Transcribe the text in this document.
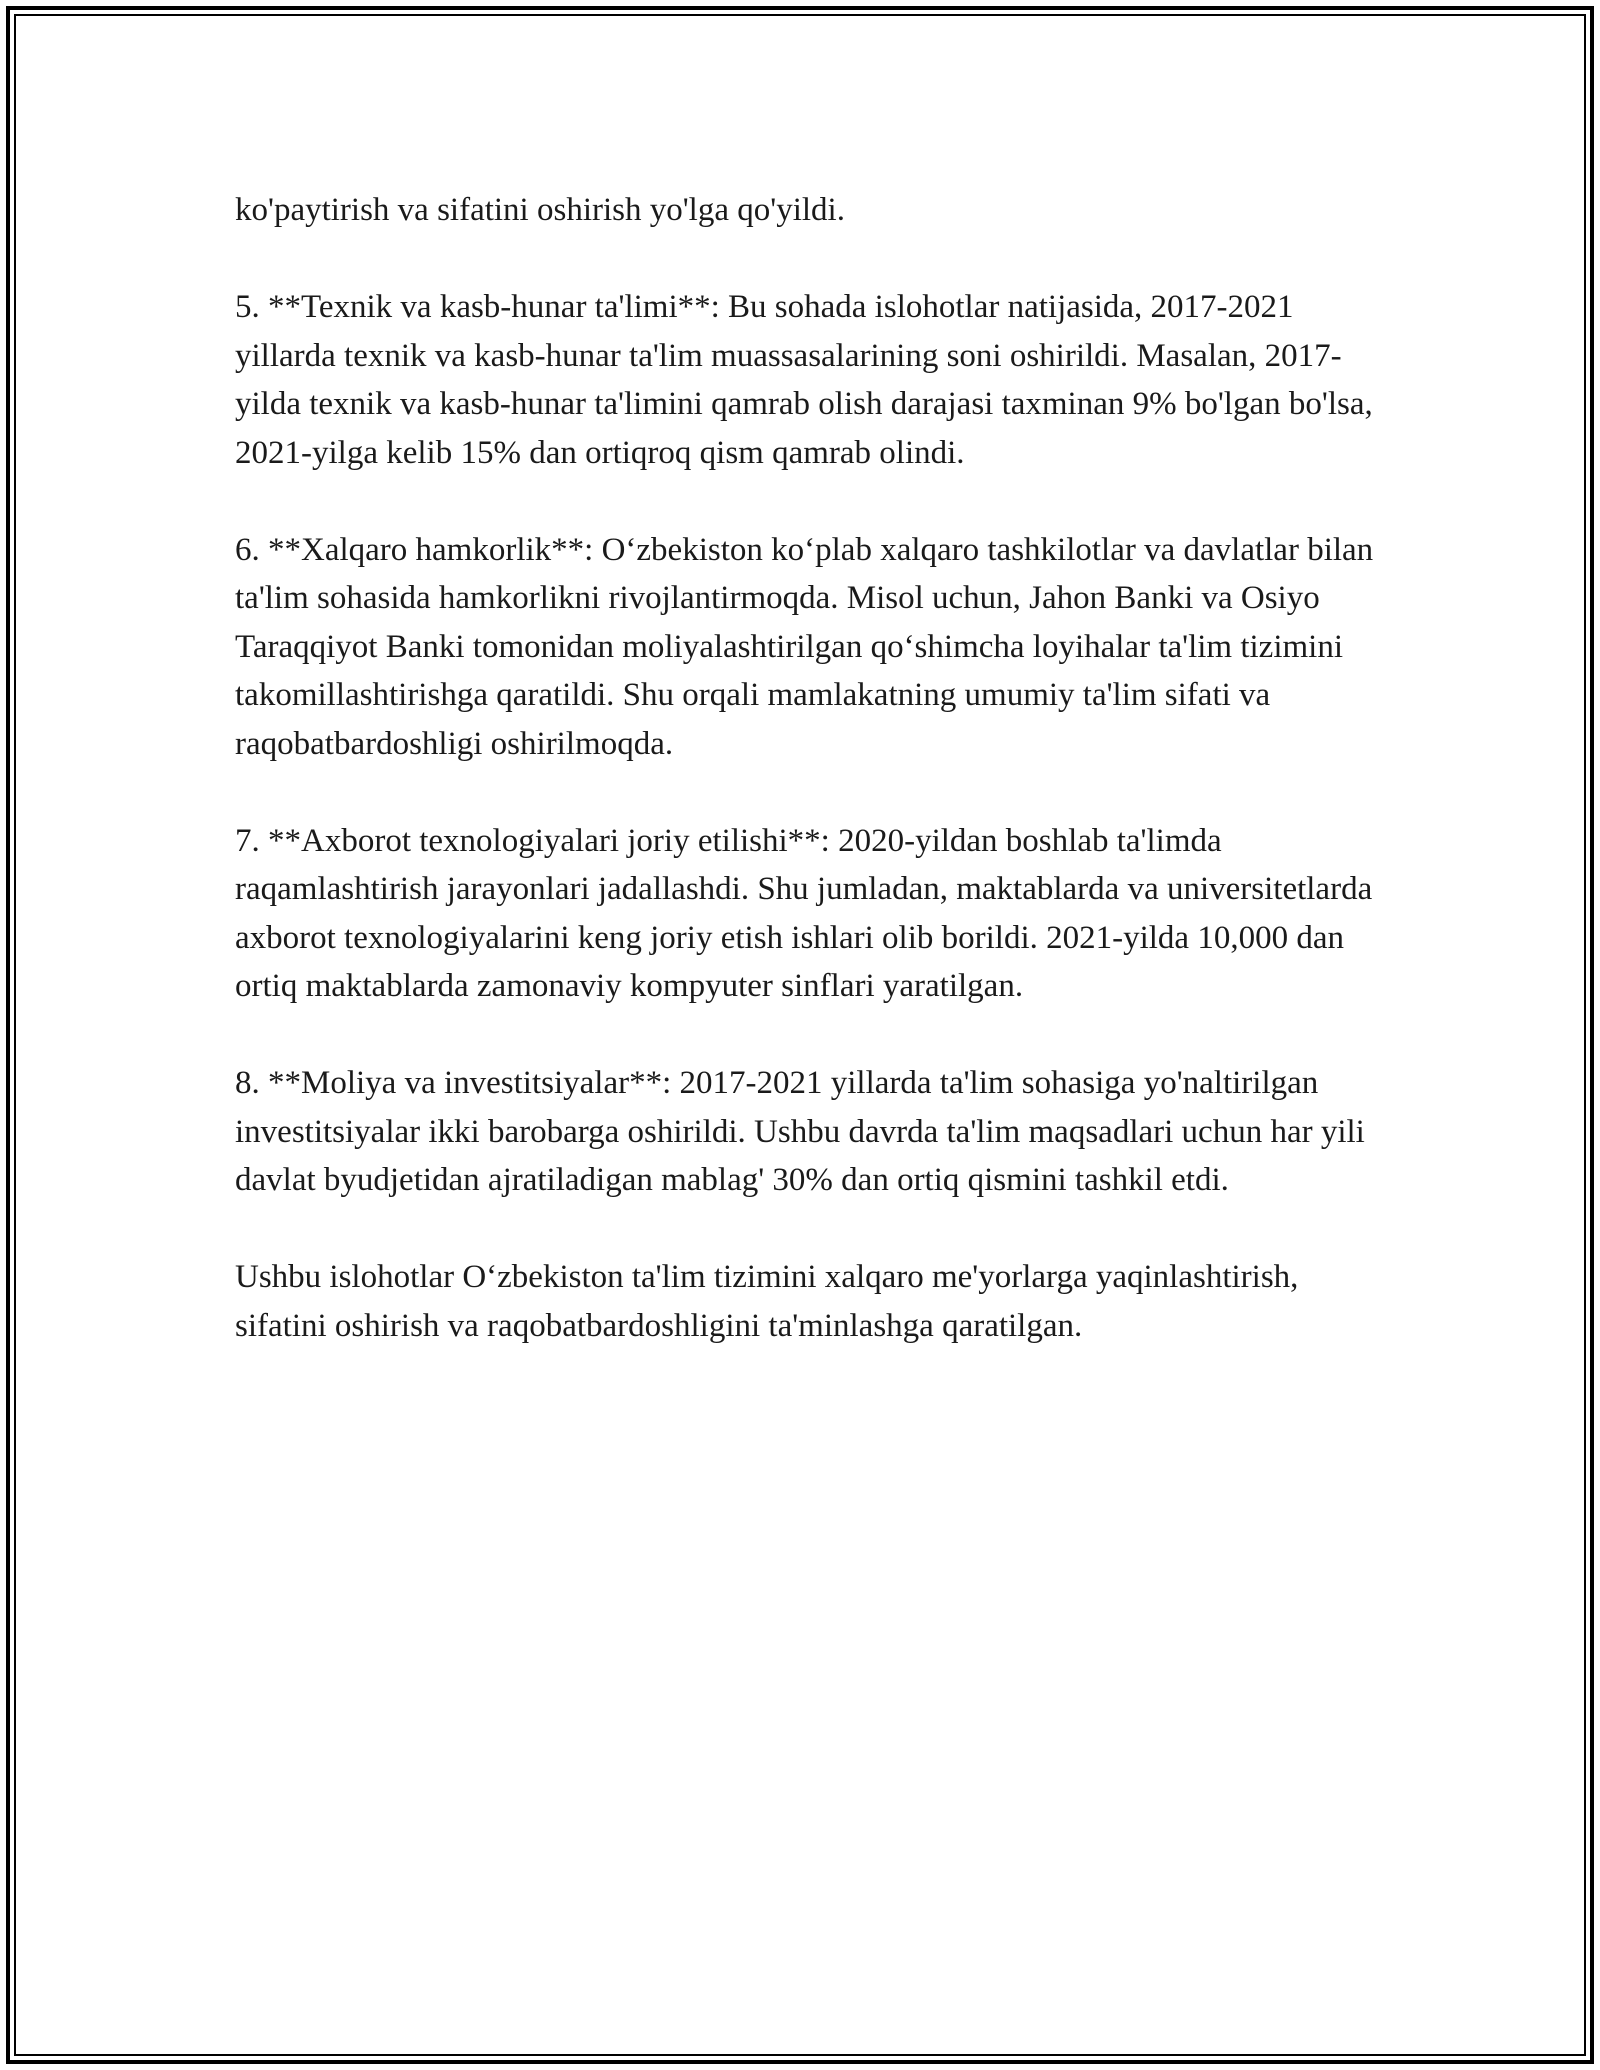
ko'paytirish va sifatini oshirish yo'lga qo'yildi.

5. **Texnik va kasb-hunar ta'limi**: Bu sohada islohotlar natijasida, 2017-2021 yillarda texnik va kasb-hunar ta'lim muassasalarining soni oshirildi. Masalan, 2017-yilda texnik va kasb-hunar ta'limini qamrab olish darajasi taxminan 9% bo'lgan bo'lsa, 2021-yilga kelib 15% dan ortiqroq qism qamrab olindi.

6. **Xalqaro hamkorlik**: O‘zbekiston ko‘plab xalqaro tashkilotlar va davlatlar bilan ta'lim sohasida hamkorlikni rivojlantirmoqda. Misol uchun, Jahon Banki va Osiyo Taraqqiyot Banki tomonidan moliyalashtirilgan qo‘shimcha loyihalar ta'lim tizimini takomillashtirishga qaratildi. Shu orqali mamlakatning umumiy ta'lim sifati va raqobatbardoshligi oshirilmoqda.

7. **Axborot texnologiyalari joriy etilishi**: 2020-yildan boshlab ta'limda raqamlashtirish jarayonlari jadallashdi. Shu jumladan, maktablarda va universitetlarda axborot texnologiyalarini keng joriy etish ishlari olib borildi. 2021-yilda 10,000 dan ortiq maktablarda zamonaviy kompyuter sinflari yaratilgan.

8. **Moliya va investitsiyalar**: 2017-2021 yillarda ta'lim sohasiga yo'naltirilgan investitsiyalar ikki barobarga oshirildi. Ushbu davrda ta'lim maqsadlari uchun har yili davlat byudjetidan ajratiladigan mablag' 30% dan ortiq qismini tashkil etdi.

Ushbu islohotlar O‘zbekiston ta'lim tizimini xalqaro me'yorlarga yaqinlashtirish, sifatini oshirish va raqobatbardoshligini ta'minlashga qaratilgan.
